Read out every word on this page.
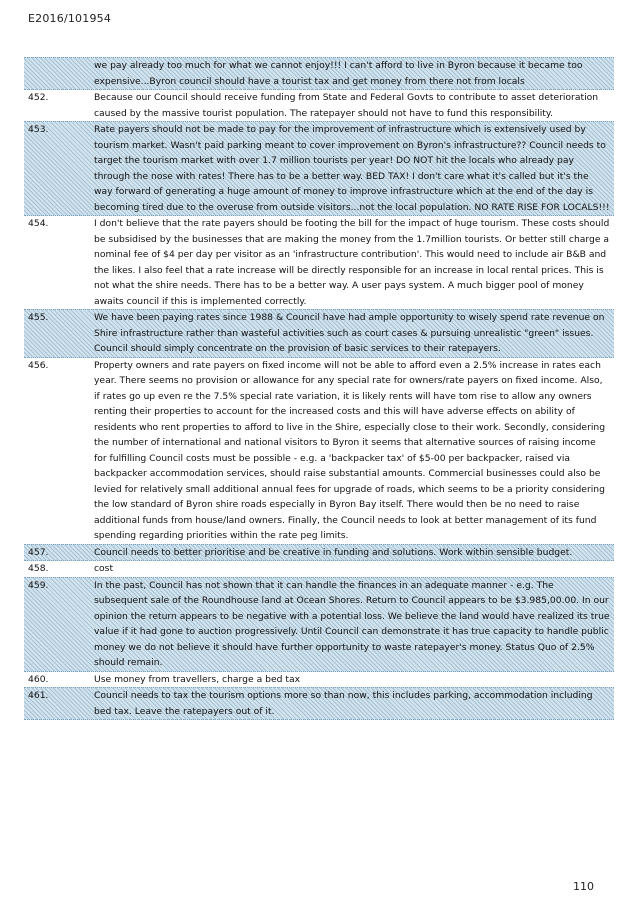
E2016/101954
we pay already too much for what we cannot enjoy!!! I can't afford to live in Byron because it became too expensive...Byron council should have a tourist tax and get money from there not from locals
452.	Because our Council should receive funding from State and Federal Govts to contribute to asset deterioration caused by the massive tourist population. The ratepayer should not have to fund this responsibility.
453.	Rate payers should not be made to pay for the improvement of infrastructure which is extensively used by tourism market. Wasn't paid parking meant to cover improvement on Byron's infrastructure?? Council needs to target the tourism market with over 1.7 million tourists per year! DO NOT hit the locals who already pay through the nose with rates! There has to be a better way. BED TAX! I don't care what it's called but it's the way forward of generating a huge amount of money to improve infrastructure which at the end of the day is becoming tired due to the overuse from outside visitors...not the local population. NO RATE RISE FOR LOCALS!!!
454.	I don't believe that the rate payers should be footing the bill for the impact of huge tourism. These costs should be subsidised by the businesses that are making the money from the 1.7million tourists. Or better still charge a nominal fee of $4 per day per visitor as an 'infrastructure contribution'. This would need to include air B&B and the likes. I also feel that a rate increase will be directly responsible for an increase in local rental prices. This is not what the shire needs. There has to be a better way. A user pays system. A much bigger pool of money awaits council if this is implemented correctly.
455.	We have been paying rates since 1988 & Council have had ample opportunity to wisely spend rate revenue on Shire infrastructure rather than wasteful activities such as court cases & pursuing unrealistic "green" issues. Council should simply concentrate on the provision of basic services to their ratepayers.
456.	Property owners and rate payers on fixed income will not be able to afford even a 2.5% increase in rates each year. There seems no provision or allowance for any special rate for owners/rate payers on fixed income. Also, if rates go up even re the 7.5% special rate variation, it is likely rents will have tom rise to allow any owners renting their properties to account for the increased costs and this will have adverse effects on ability of residents who rent properties to afford to live in the Shire, especially close to their work. Secondly, considering the number of international and national visitors to Byron it seems that alternative sources of raising income for fulfilling Council costs must be possible - e.g. a 'backpacker tax' of $5-00 per backpacker, raised via backpacker accommodation services, should raise substantial amounts. Commercial businesses could also be levied for relatively small additional annual fees for upgrade of roads, which seems to be a priority considering the low standard of Byron shire roads especially in Byron Bay itself. There would then be no need to raise additional funds from house/land owners. Finally, the Council needs to look at better management of its fund spending regarding priorities within the rate peg limits.
457.	Council needs to better prioritise and be creative in funding and solutions. Work within sensible budget.
458.	cost
459.	In the past, Council has not shown that it can handle the finances in an adequate manner - e.g. The subsequent sale of the Roundhouse land at Ocean Shores. Return to Council appears to be $3.985,00.00. In our opinion the return appears to be negative with a potential loss. We believe the land would have realized its true value if it had gone to auction progressively. Until Council can demonstrate it has true capacity to handle public money we do not believe it should have further opportunity to waste ratepayer's money. Status Quo of 2.5% should remain.
460.	Use money from travellers, charge a bed tax
461.	Council needs to tax the tourism options more so than now, this includes parking, accommodation including bed tax. Leave the ratepayers out of it.
110
